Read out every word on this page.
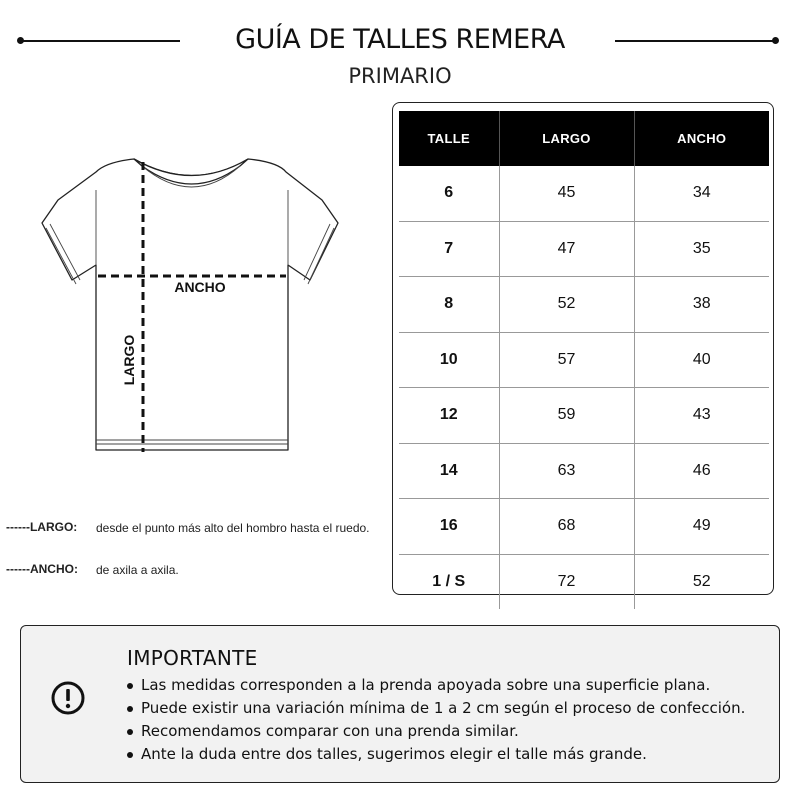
GUÍA DE TALLES REMERA
PRIMARIO
ANCHO
LARGO
------LARGO: desde el punto más alto del hombro hasta el ruedo.
------ANCHO: de axila a axila.
TALLE	LARGO	ANCHO
6	45	34
7	47	35
8	52	38
10	57	40
12	59	43
14	63	46
16	68	49
1 / S	72	52
IMPORTANTE
Las medidas corresponden a la prenda apoyada sobre una superficie plana.
Puede existir una variación mínima de 1 a 2 cm según el proceso de confección.
Recomendamos comparar con una prenda similar.
Ante la duda entre dos talles, sugerimos elegir el talle más grande.
